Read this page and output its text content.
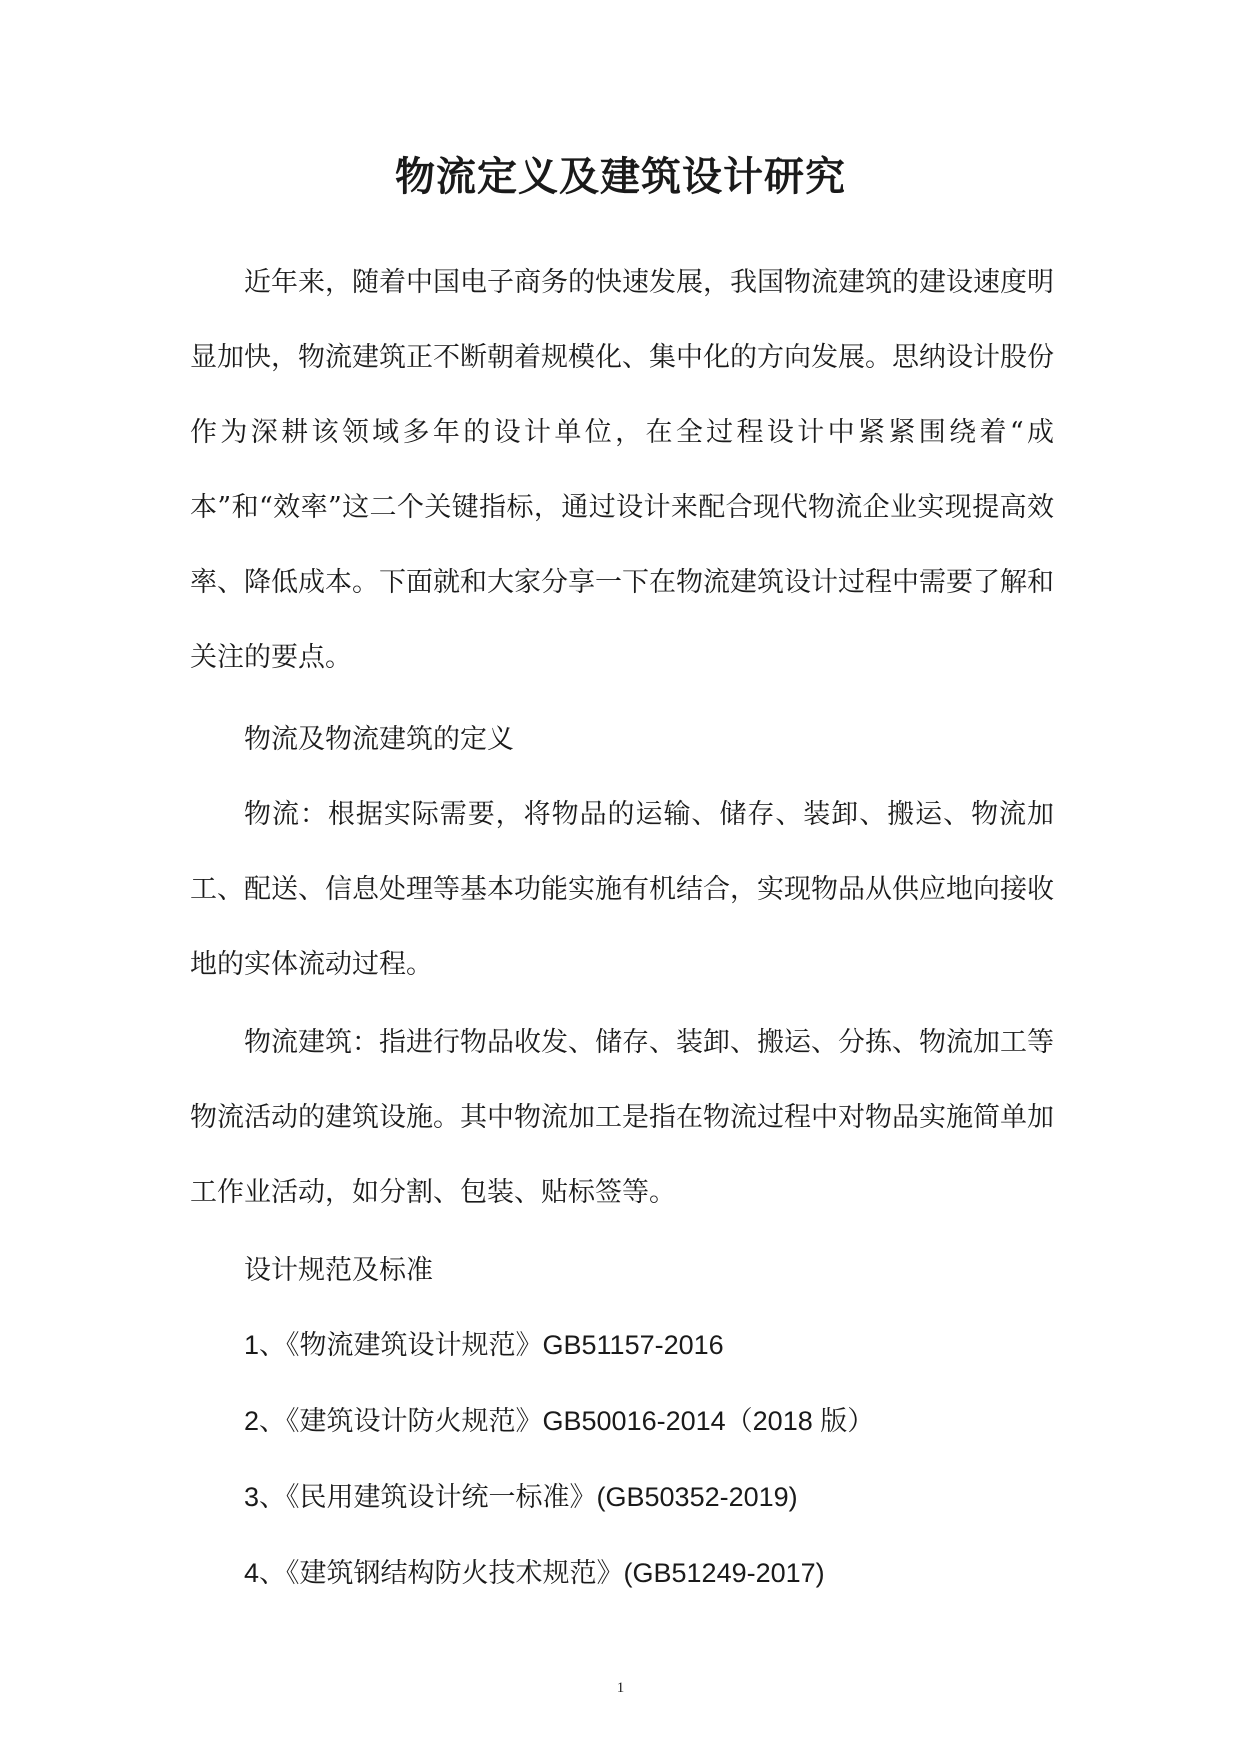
物流定义及建筑设计研究

近年来，随着中国电子商务的快速发展，我国物流建筑的建设速度明显加快，物流建筑正不断朝着规模化、集中化的方向发展。思纳设计股份作为深耕该领域多年的设计单位，在全过程设计中紧紧围绕着“成本”和“效率”这二个关键指标，通过设计来配合现代物流企业实现提高效率、降低成本。下面就和大家分享一下在物流建筑设计过程中需要了解和关注的要点。

物流及物流建筑的定义

物流：根据实际需要，将物品的运输、储存、装卸、搬运、物流加工、配送、信息处理等基本功能实施有机结合，实现物品从供应地向接收地的实体流动过程。

物流建筑：指进行物品收发、储存、装卸、搬运、分拣、物流加工等物流活动的建筑设施。其中物流加工是指在物流过程中对物品实施简单加工作业活动，如分割、包装、贴标签等。

设计规范及标准

1、《物流建筑设计规范》GB51157-2016

2、《建筑设计防火规范》GB50016-2014（2018 版）

3、《民用建筑设计统一标准》(GB50352-2019)

4、《建筑钢结构防火技术规范》(GB51249-2017)

1
